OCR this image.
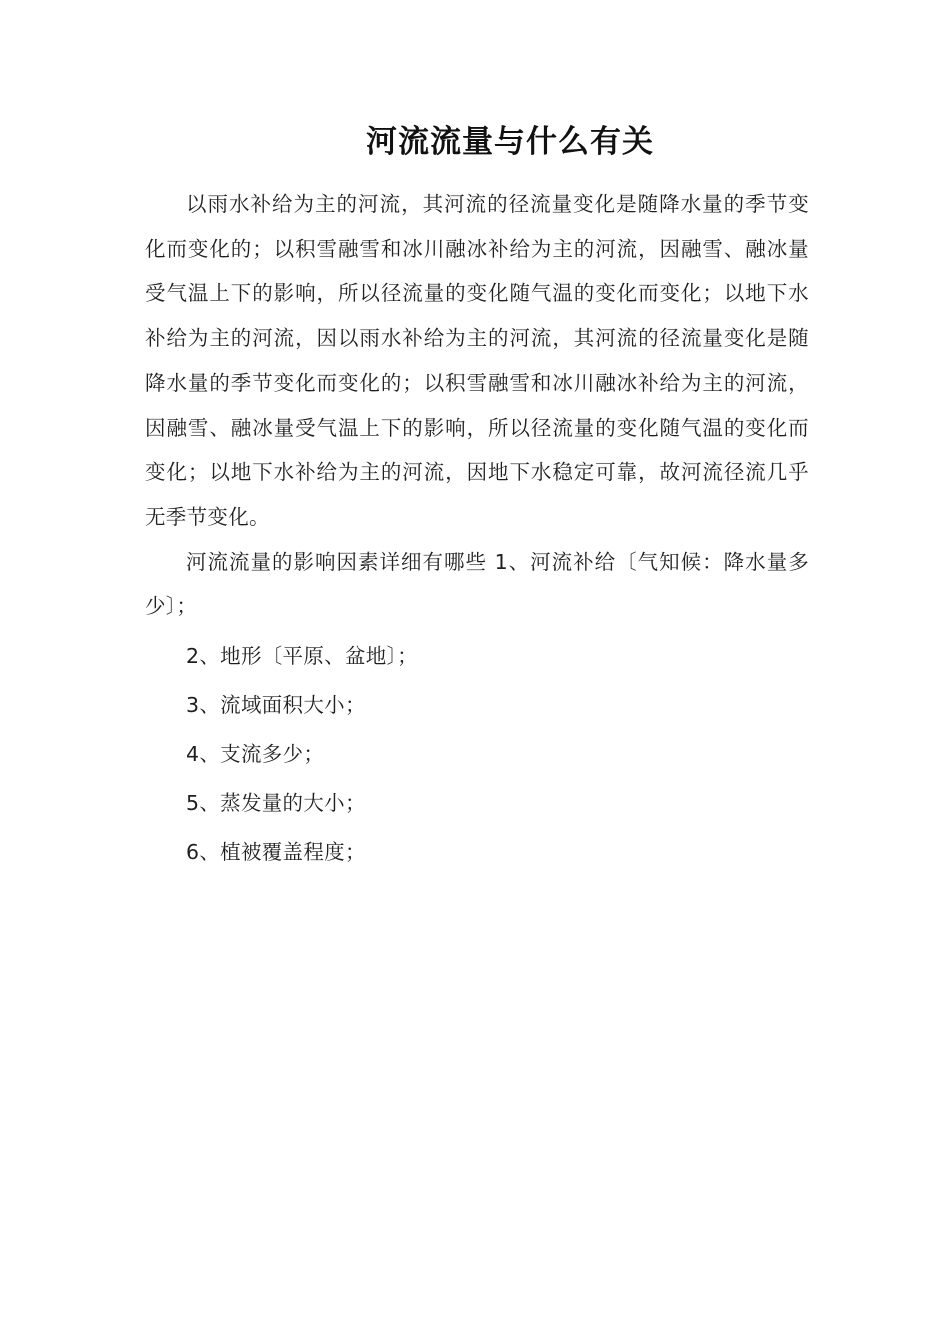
河流流量与什么有关

以雨水补给为主的河流，其河流的径流量变化是随降水量的季节变化而变化的；以积雪融雪和冰川融冰补给为主的河流，因融雪、融冰量受气温上下的影响，所以径流量的变化随气温的变化而变化；以地下水补给为主的河流，因以雨水补给为主的河流，其河流的径流量变化是随降水量的季节变化而变化的；以积雪融雪和冰川融冰补给为主的河流，因融雪、融冰量受气温上下的影响，所以径流量的变化随气温的变化而变化；以地下水补给为主的河流，因地下水稳定可靠，故河流径流几乎无季节变化。

河流流量的影响因素详细有哪些 1、河流补给〔气知候：降水量多少〕；

2、地形〔平原、盆地〕；

3、流域面积大小；

4、支流多少；

5、蒸发量的大小；

6、植被覆盖程度；
